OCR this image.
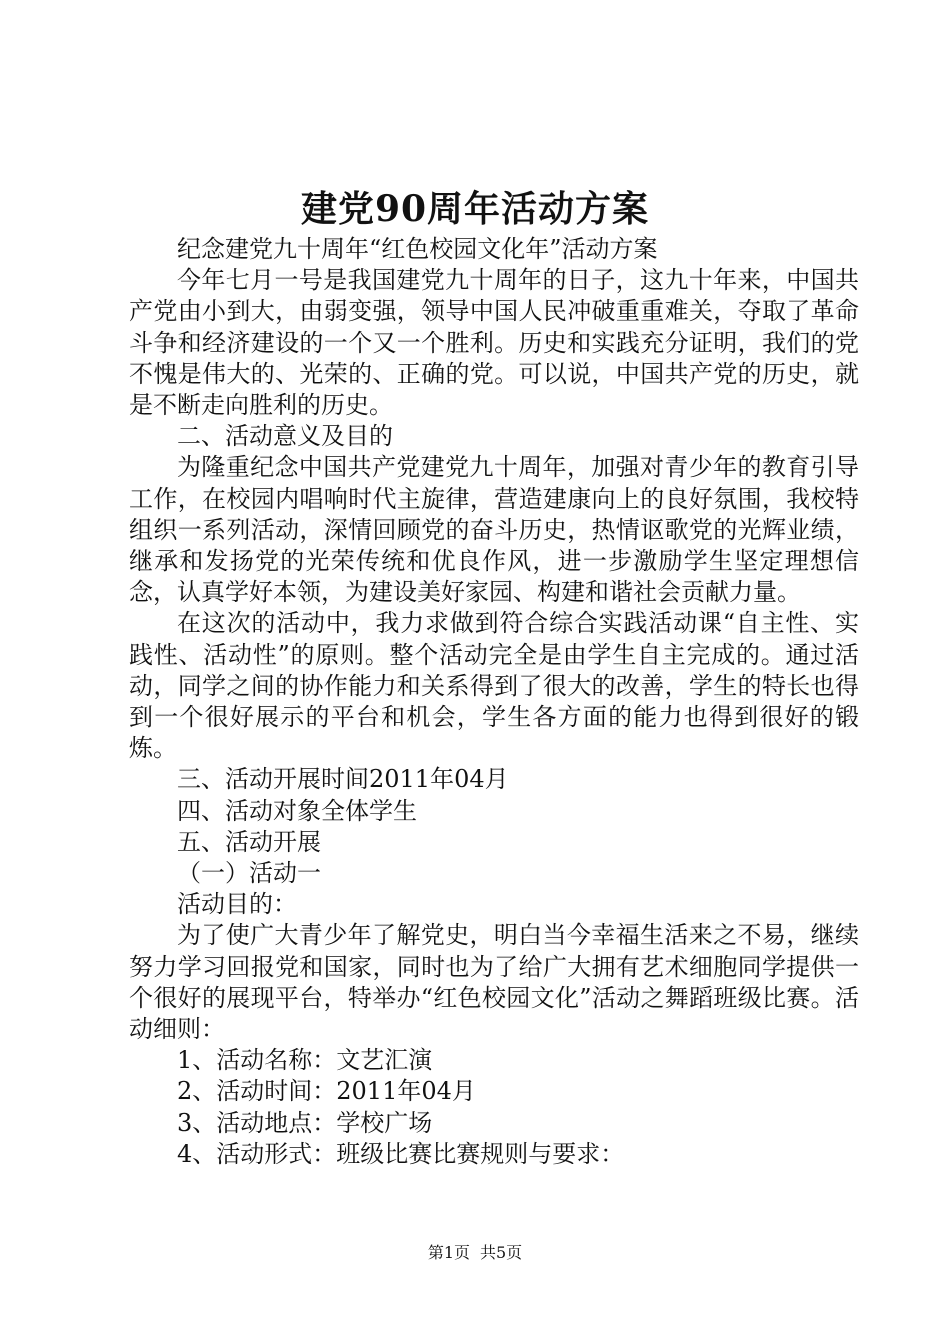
建党90周年活动方案

纪念建党九十周年“红色校园文化年”活动方案

今年七月一号是我国建党九十周年的日子，这九十年来，中国共产党由小到大，由弱变强，领导中国人民冲破重重难关，夺取了革命斗争和经济建设的一个又一个胜利。历史和实践充分证明，我们的党不愧是伟大的、光荣的、正确的党。可以说，中国共产党的历史，就是不断走向胜利的历史。

二、活动意义及目的

为隆重纪念中国共产党建党九十周年，加强对青少年的教育引导工作，在校园内唱响时代主旋律，营造建康向上的良好氛围，我校特组织一系列活动，深情回顾党的奋斗历史，热情讴歌党的光辉业绩，继承和发扬党的光荣传统和优良作风，进一步激励学生坚定理想信念，认真学好本领，为建设美好家园、构建和谐社会贡献力量。

在这次的活动中，我力求做到符合综合实践活动课“自主性、实践性、活动性”的原则。整个活动完全是由学生自主完成的。通过活动，同学之间的协作能力和关系得到了很大的改善，学生的特长也得到一个很好展示的平台和机会，学生各方面的能力也得到很好的锻炼。

三、活动开展时间2011年04月

四、活动对象全体学生

五、活动开展

（一）活动一

活动目的：

为了使广大青少年了解党史，明白当今幸福生活来之不易，继续努力学习回报党和国家，同时也为了给广大拥有艺术细胞同学提供一个很好的展现平台，特举办“红色校园文化”活动之舞蹈班级比赛。活动细则：

1、活动名称：文艺汇演

2、活动时间：2011年04月

3、活动地点：学校广场

4、活动形式：班级比赛比赛规则与要求：

第1页 共5页
